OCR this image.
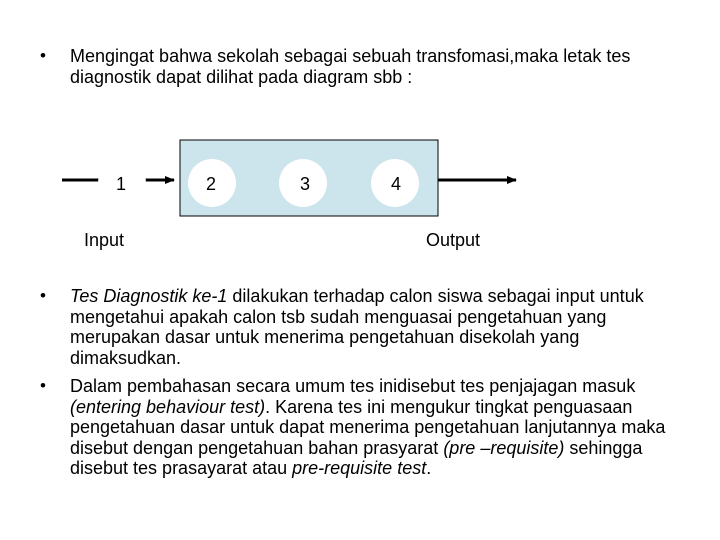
• Mengingat bahwa sekolah sebagai sebuah transfomasi,maka letak tes diagnostik dapat dilihat pada diagram sbb :
1	2	3	4
Input	Output
• Tes Diagnostik ke-1 dilakukan terhadap calon siswa sebagai input untuk mengetahui apakah calon tsb sudah menguasai pengetahuan yang merupakan dasar untuk menerima pengetahuan disekolah yang dimaksudkan.
• Dalam pembahasan secara umum tes inidisebut tes penjajagan masuk (entering behaviour test). Karena tes ini mengukur tingkat penguasaan pengetahuan dasar untuk dapat menerima pengetahuan lanjutannya maka disebut dengan pengetahuan bahan prasyarat (pre –requisite) sehingga disebut tes prasayarat atau pre-requisite test.
